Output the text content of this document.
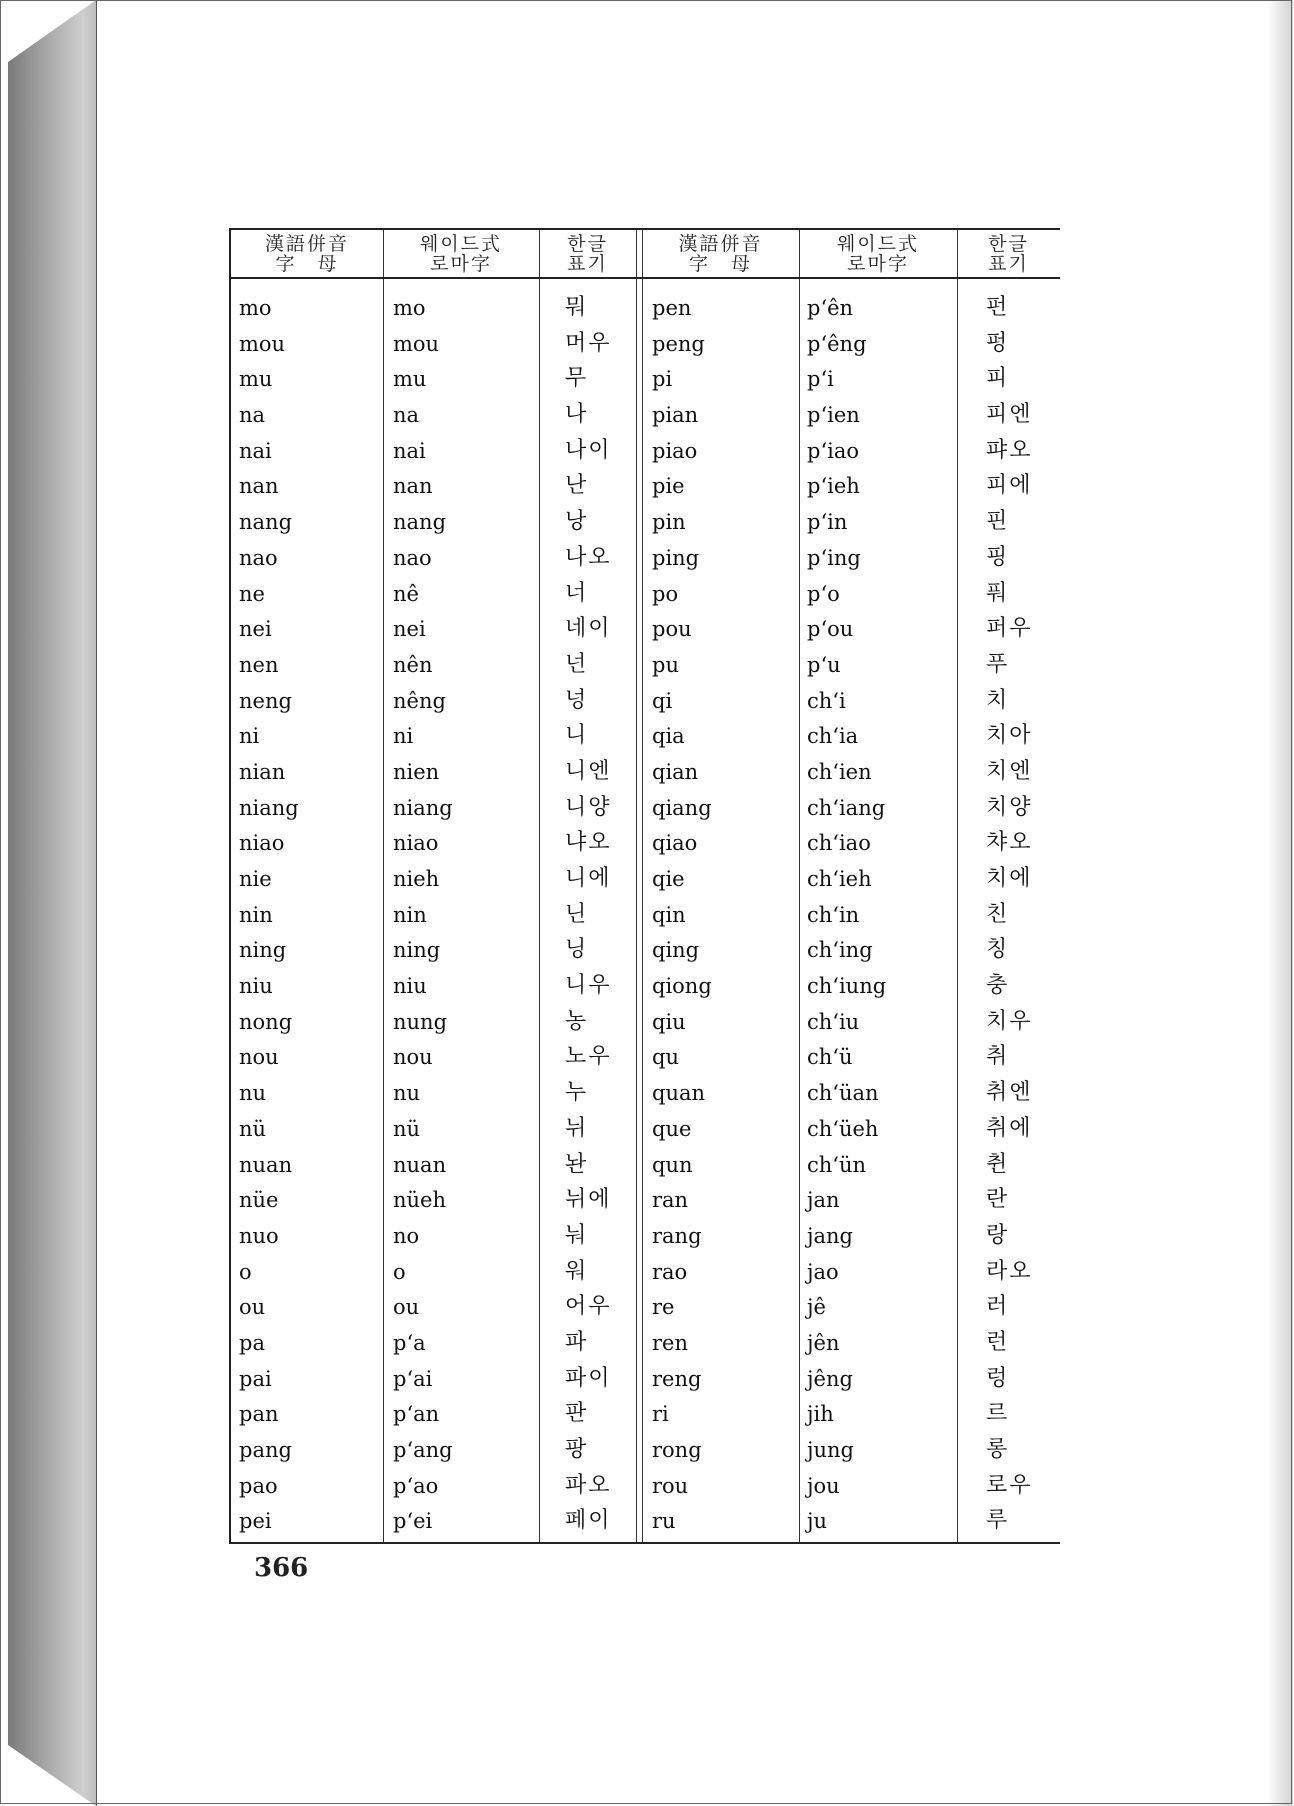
漢語併音
字　母
웨이드式
로마字
한글
표기
漢語併音
字　母
웨이드式
로마字
한글
표기
mo
mou
mu
na
nai
nan
nang
nao
ne
nei
nen
neng
ni
nian
niang
niao
nie
nin
ning
niu
nong
nou
nu
nü
nuan
nüe
nuo
o
ou
pa
pai
pan
pang
pao
pei
mo
mou
mu
na
nai
nan
nang
nao
nê
nei
nên
nêng
ni
nien
niang
niao
nieh
nin
ning
niu
nung
nou
nu
nü
nuan
nüeh
no
o
ou
p‘a
p‘ai
p‘an
p‘ang
p‘ao
p‘ei
뭐
머우
무
나
나이
난
낭
나오
너
네이
넌
넝
니
니엔
니양
냐오
니에
닌
닝
니우
농
노우
누
뉘
놘
뉘에
눠
워
어우
파
파이
판
팡
파오
페이
pen
peng
pi
pian
piao
pie
pin
ping
po
pou
pu
qi
qia
qian
qiang
qiao
qie
qin
qing
qiong
qiu
qu
quan
que
qun
ran
rang
rao
re
ren
reng
ri
rong
rou
ru
p‘ên
p‘êng
p‘i
p‘ien
p‘iao
p‘ieh
p‘in
p‘ing
p‘o
p‘ou
p‘u
ch‘i
ch‘ia
ch‘ien
ch‘iang
ch‘iao
ch‘ieh
ch‘in
ch‘ing
ch‘iung
ch‘iu
ch‘ü
ch‘üan
ch‘üeh
ch‘ün
jan
jang
jao
jê
jên
jêng
jih
jung
jou
ju
펀
펑
피
피엔
퍄오
피에
핀
핑
풔
퍼우
푸
치
치아
치엔
치양
챠오
치에
친
칭
충
치우
취
취엔
취에
췬
란
랑
라오
러
런
렁
르
롱
로우
루
366
